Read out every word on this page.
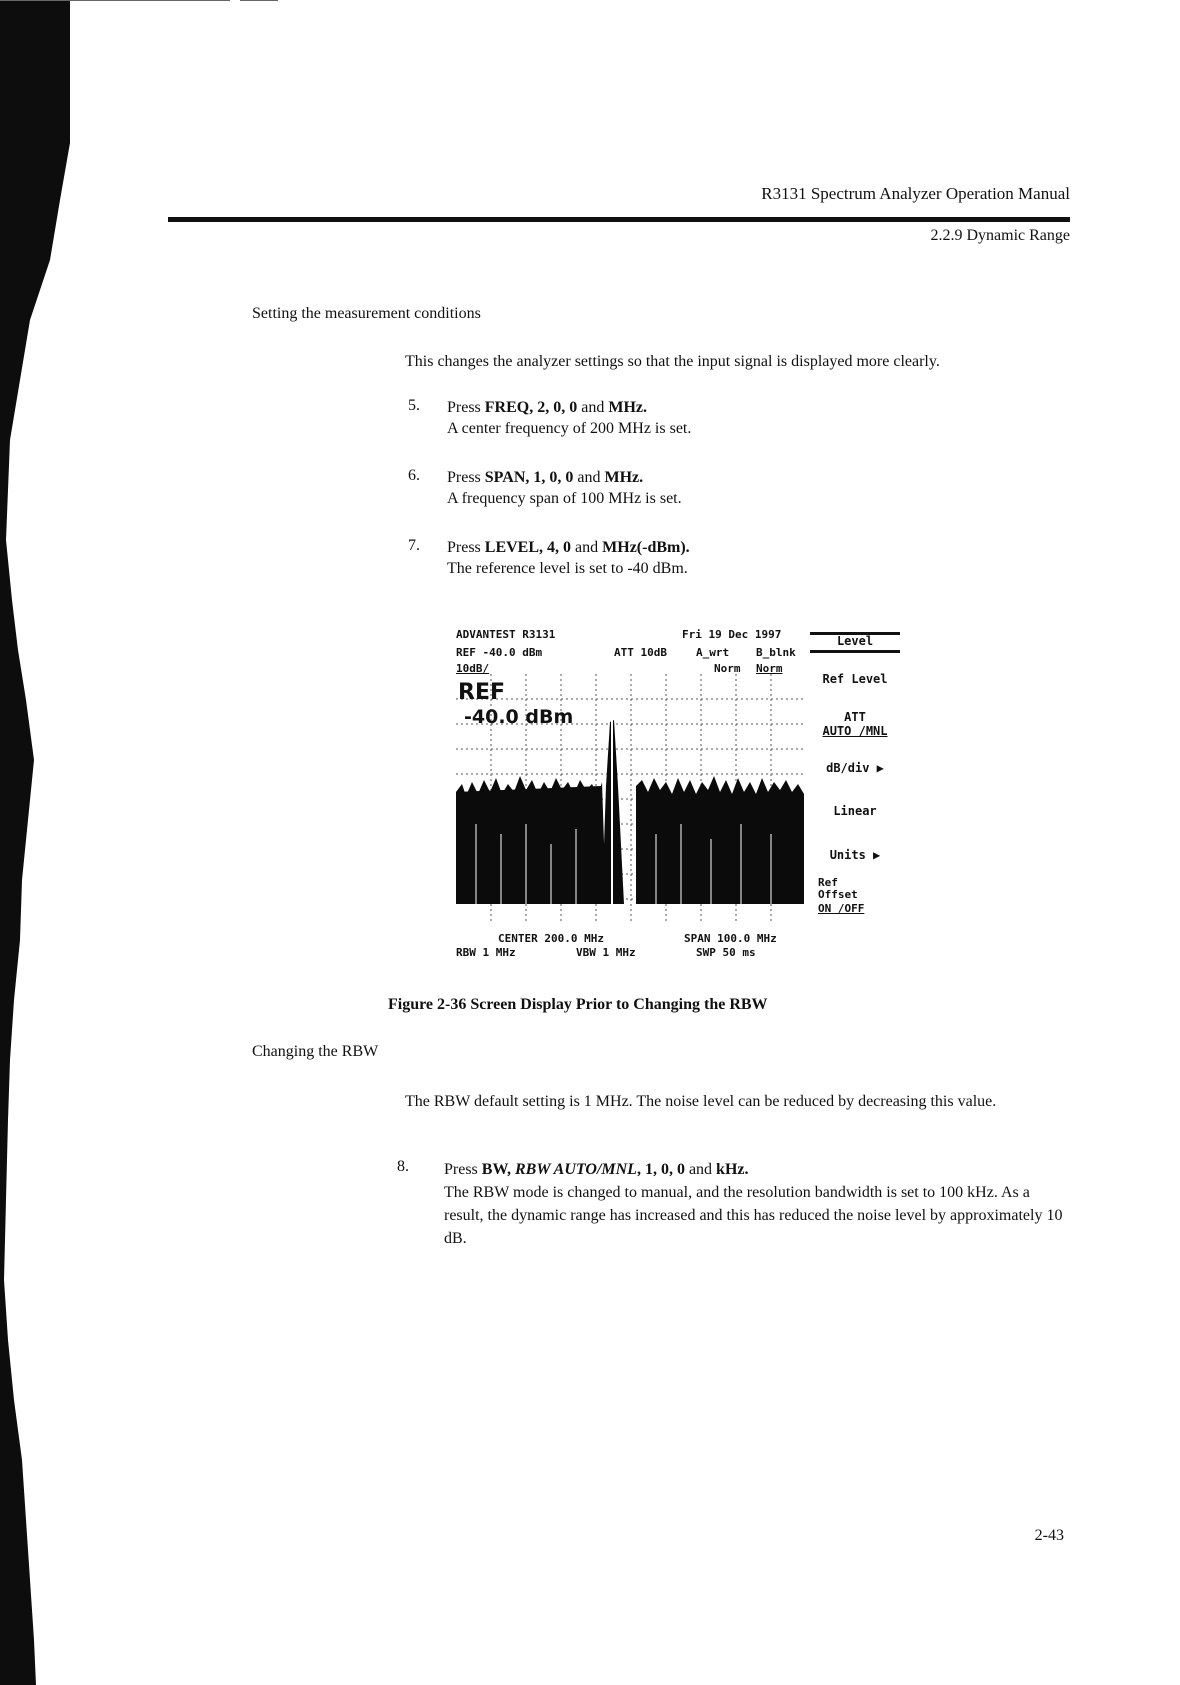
R3131 Spectrum Analyzer Operation Manual
2.2.9 Dynamic Range
Setting the measurement conditions
This changes the analyzer settings so that the input signal is displayed more clearly.
5. Press FREQ, 2, 0, 0 and MHz.
A center frequency of 200 MHz is set.
6. Press SPAN, 1, 0, 0 and MHz.
A frequency span of 100 MHz is set.
7. Press LEVEL, 4, 0 and MHz(-dBm).
The reference level is set to -40 dBm.
ADVANTEST R3131	Fri 19 Dec 1997
REF -40.0 dBm	ATT 10dB	A_wrt B_blnk
10dB/	Norm Norm
REF
-40.0 dBm
CENTER 200.0 MHz	SPAN 100.0 MHz
RBW 1 MHz	VBW 1 MHz	SWP 50 ms
Level
Ref Level
ATT
AUTO /MNL
dB/div ▶
Linear
Units ▶
Ref
Offset
ON /OFF
Figure 2-36 Screen Display Prior to Changing the RBW
Changing the RBW
The RBW default setting is 1 MHz. The noise level can be reduced by decreasing this value.
8. Press BW, RBW AUTO/MNL, 1, 0, 0 and kHz.
The RBW mode is changed to manual, and the resolution bandwidth is set to 100 kHz. As a result, the dynamic range has increased and this has reduced the noise level by approximately 10 dB.
2-43
